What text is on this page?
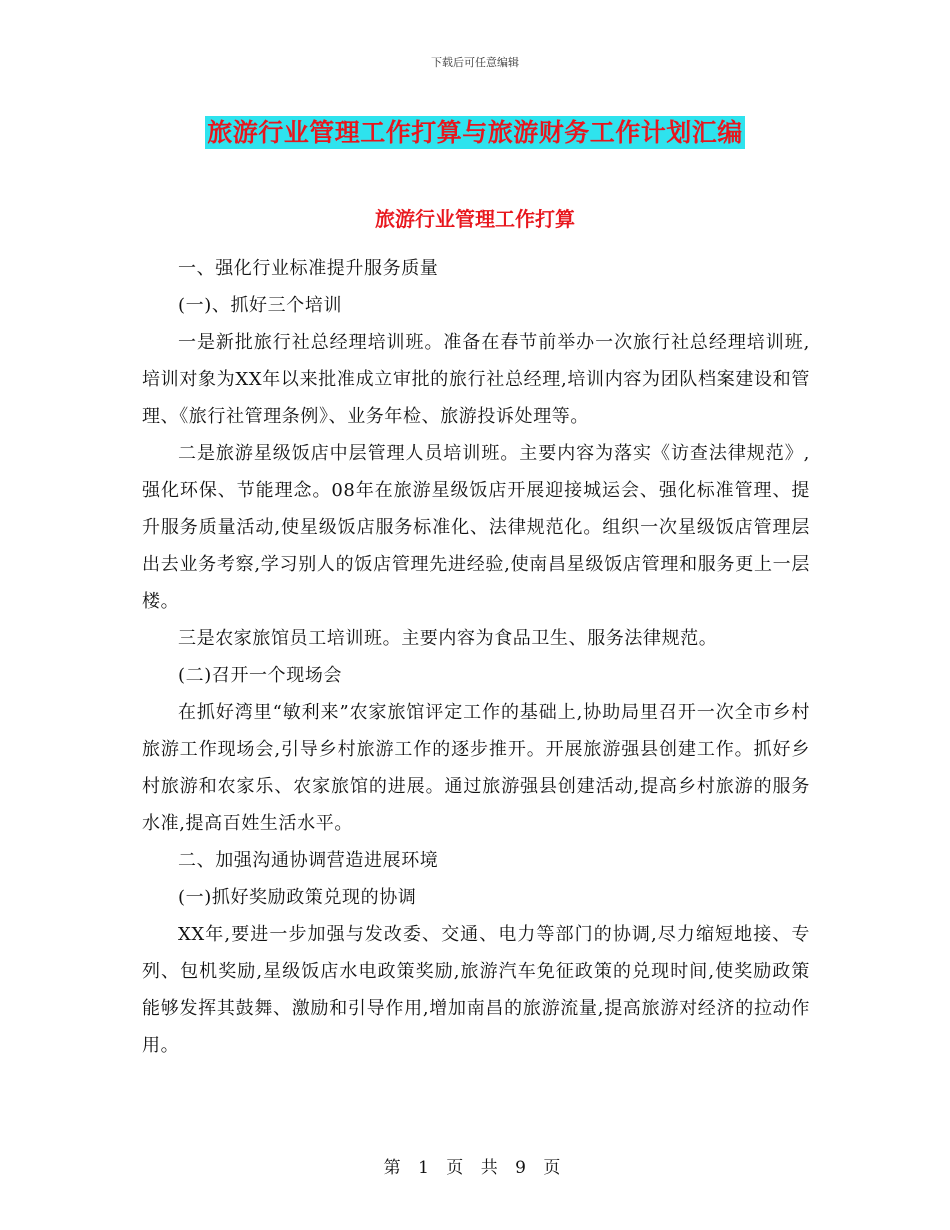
下载后可任意编辑
旅游行业管理工作打算与旅游财务工作计划汇编
旅游行业管理工作打算

一、强化行业标准提升服务质量

(一)、抓好三个培训

一是新批旅行社总经理培训班。准备在春节前举办一次旅行社总经理培训班,培训对象为XX年以来批准成立审批的旅行社总经理,培训内容为团队档案建设和管理、《旅行社管理条例》、业务年检、旅游投诉处理等。

二是旅游星级饭店中层管理人员培训班。主要内容为落实《访查法律规范》,强化环保、节能理念。08年在旅游星级饭店开展迎接城运会、强化标准管理、提升服务质量活动,使星级饭店服务标准化、法律规范化。组织一次星级饭店管理层出去业务考察,学习别人的饭店管理先进经验,使南昌星级饭店管理和服务更上一层楼。

三是农家旅馆员工培训班。主要内容为食品卫生、服务法律规范。

(二)召开一个现场会

在抓好湾里“敏利来”农家旅馆评定工作的基础上,协助局里召开一次全市乡村旅游工作现场会,引导乡村旅游工作的逐步推开。开展旅游强县创建工作。抓好乡村旅游和农家乐、农家旅馆的进展。通过旅游强县创建活动,提高乡村旅游的服务水准,提高百姓生活水平。

二、加强沟通协调营造进展环境

(一)抓好奖励政策兑现的协调

XX年,要进一步加强与发改委、交通、电力等部门的协调,尽力缩短地接、专列、包机奖励,星级饭店水电政策奖励,旅游汽车免征政策的兑现时间,使奖励政策能够发挥其鼓舞、激励和引导作用,增加南昌的旅游流量,提高旅游对经济的拉动作用。

第 1 页 共 9 页
